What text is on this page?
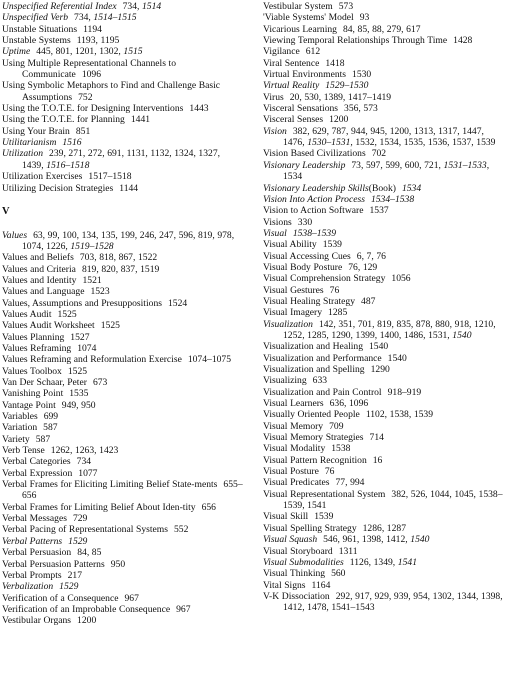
Unspecified Referential Index 734, 1514
Unspecified Verb 734, 1514–1515
Unstable Situations 1194
Unstable Systems 1193, 1195
Uptime 445, 801, 1201, 1302, 1515
Using Multiple Representational Channels to Communicate 1096
Using Symbolic Metaphors to Find and Challenge Basic Assumptions 752
Using the T.O.T.E. for Designing Interventions 1443
Using the T.O.T.E. for Planning 1441
Using Your Brain 851
Utilitarianism 1516
Utilization 239, 271, 272, 691, 1131, 1132, 1324, 1327, 1439, 1516–1518
Utilization Exercises 1517–1518
Utilizing Decision Strategies 1144
V
Values 63, 99, 100, 134, 135, 199, 246, 247, 596, 819, 978, 1074, 1226, 1519–1528
Values and Beliefs 703, 818, 867, 1522
Values and Criteria 819, 820, 837, 1519
Values and Identity 1521
Values and Language 1523
Values, Assumptions and Presuppositions 1524
Values Audit 1525
Values Audit Worksheet 1525
Values Planning 1527
Values Reframing 1074
Values Reframing and Reformulation Exercise 1074–1075
Values Toolbox 1525
Van Der Schaar, Peter 673
Vanishing Point 1535
Vantage Point 949, 950
Variables 699
Variation 587
Variety 587
Verb Tense 1262, 1263, 1423
Verbal Categories 734
Verbal Expression 1077
Verbal Frames for Eliciting Limiting Belief State-ments 655–656
Verbal Frames for Limiting Belief About Iden-tity 656
Verbal Messages 729
Verbal Pacing of Representational Systems 552
Verbal Patterns 1529
Verbal Persuasion 84, 85
Verbal Persuasion Patterns 950
Verbal Prompts 217
Verbalization 1529
Verification of a Consequence 967
Verification of an Improbable Consequence 967
Vestibular Organs 1200
Vestibular System 573
'Viable Systems' Model 93
Vicarious Learning 84, 85, 88, 279, 617
Viewing Temporal Relationships Through Time 1428
Vigilance 612
Viral Sentence 1418
Virtual Environments 1530
Virtual Reality 1529–1530
Virus 20, 530, 1389, 1417–1419
Visceral Sensations 356, 573
Visceral Senses 1200
Vision 382, 629, 787, 944, 945, 1200, 1313, 1317, 1447, 1476, 1530–1531, 1532, 1534, 1535, 1536, 1537, 1539
Vision Based Civilizations 702
Visionary Leadership 73, 597, 599, 600, 721, 1531–1533, 1534
Visionary Leadership Skills(Book) 1534
Vision Into Action Process 1534–1538
Vision to Action Software 1537
Visions 330
Visual 1538–1539
Visual Ability 1539
Visual Accessing Cues 6, 7, 76
Visual Body Posture 76, 129
Visual Comprehension Strategy 1056
Visual Gestures 76
Visual Healing Strategy 487
Visual Imagery 1285
Visualization 142, 351, 701, 819, 835, 878, 880, 918, 1210, 1252, 1285, 1290, 1399, 1400, 1486, 1531, 1540
Visualization and Healing 1540
Visualization and Performance 1540
Visualization and Spelling 1290
Visualizing 633
Visualization and Pain Control 918–919
Visual Learners 636, 1096
Visually Oriented People 1102, 1538, 1539
Visual Memory 709
Visual Memory Strategies 714
Visual Modality 1538
Visual Pattern Recognition 16
Visual Posture 76
Visual Predicates 77, 994
Visual Representational System 382, 526, 1044, 1045, 1538–1539, 1541
Visual Skill 1539
Visual Spelling Strategy 1286, 1287
Visual Squash 546, 961, 1398, 1412, 1540
Visual Storyboard 1311
Visual Submodalities 1126, 1349, 1541
Visual Thinking 560
Vital Signs 1164
V-K Dissociation 292, 917, 929, 939, 954, 1302, 1344, 1398, 1412, 1478, 1541–1543
